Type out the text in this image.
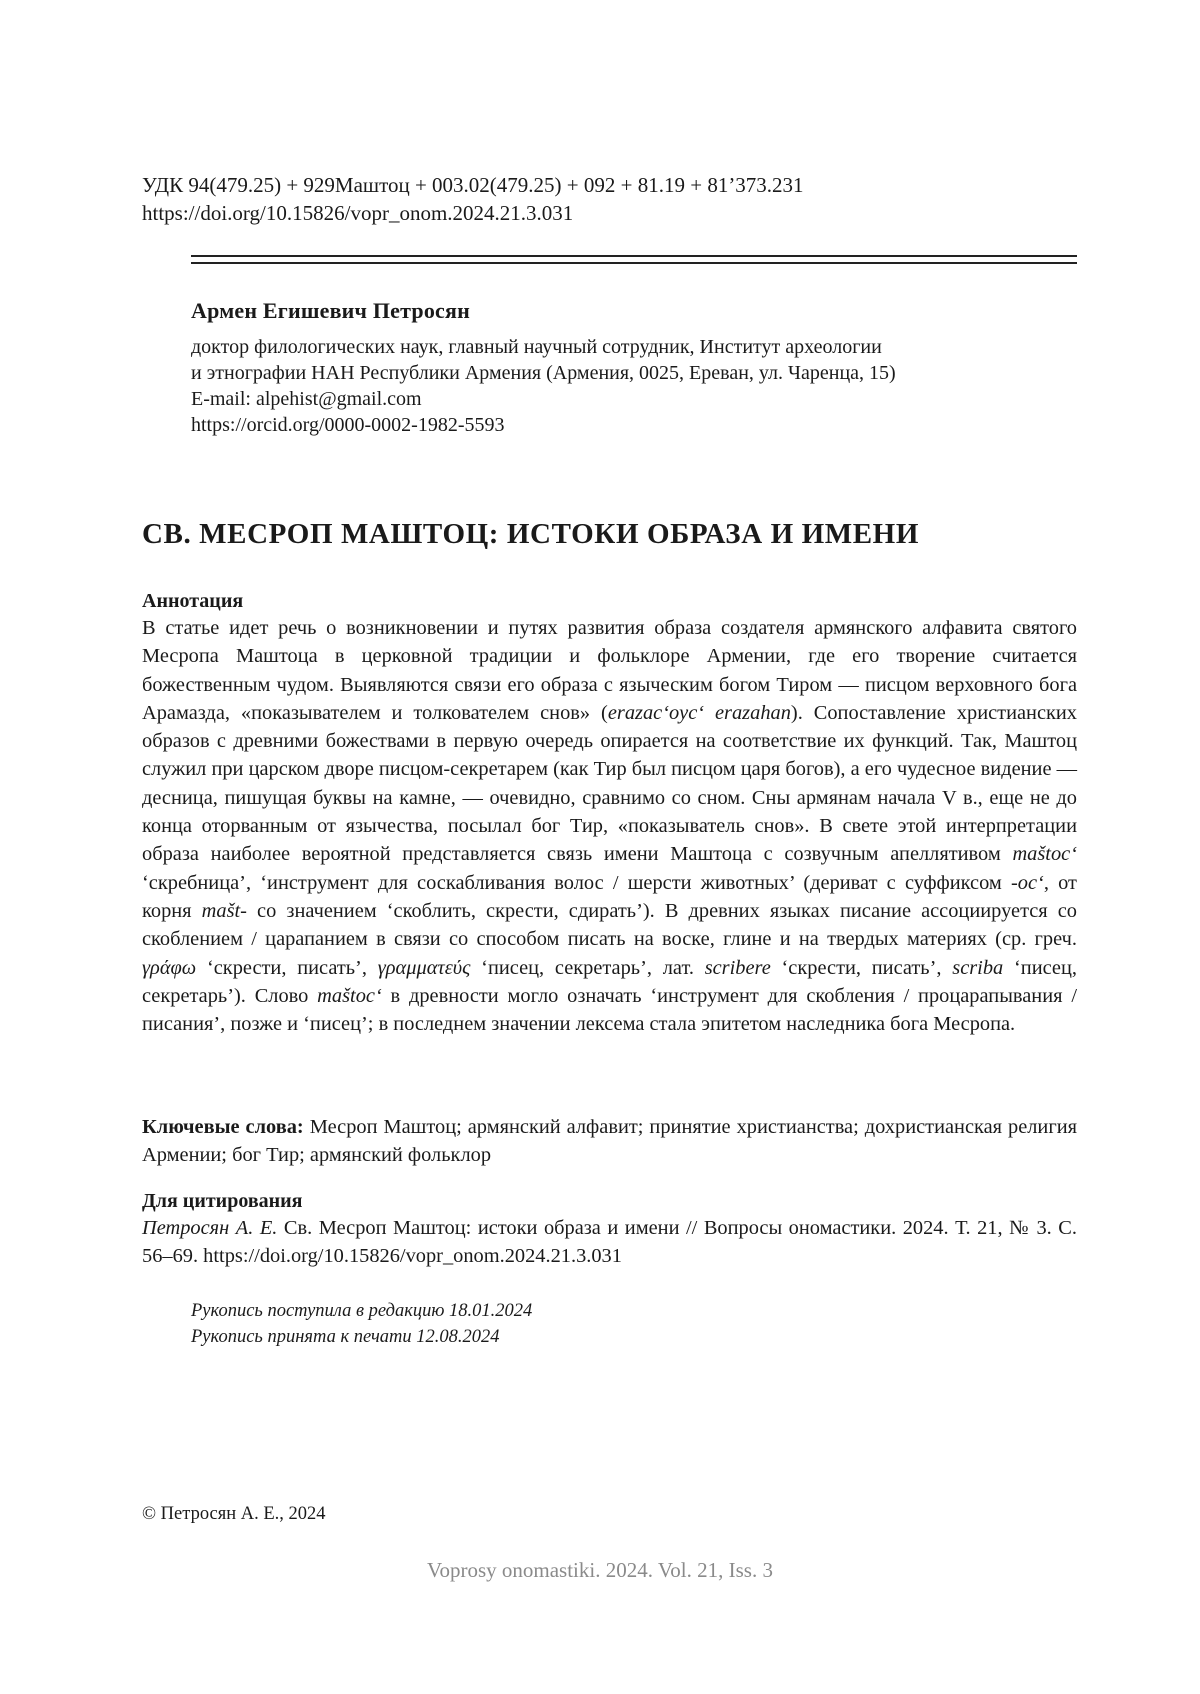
УДК 94(479.25) + 929Маштоц + 003.02(479.25) + 092 + 81.19 + 81’373.231
https://doi.org/10.15826/vopr_onom.2024.21.3.031
Армен Егишевич Петросян
доктор филологических наук, главный научный сотрудник, Институт археологии
и этнографии НАН Республики Армения (Армения, 0025, Ереван, ул. Чаренца, 15)
E-mail: alpehist@gmail.com
https://orcid.org/0000-0002-1982-5593
СВ. МЕСРОП МАШТОЦ: ИСТОКИ ОБРАЗА И ИМЕНИ
Аннотация
В статье идет речь о возникновении и путях развития образа создателя армянского алфавита святого Месропа Маштоца в церковной традиции и фольклоре Армении, где его творение считается божественным чудом. Выявляются связи его образа с языческим богом Тиром — писцом верховного бога Арамазда, «показывателем и толкователем снов» (erazacʻoycʻ erazahan). Сопоставление христианских образов с древними божествами в первую очередь опирается на соответствие их функций. Так, Маштоц служил при царском дворе писцом-секретарем (как Тир был писцом царя богов), а его чудесное видение — десница, пишущая буквы на камне, — очевидно, сравнимо со сном. Сны армянам начала V в., еще не до конца оторванным от язычества, посылал бог Тир, «показыватель снов». В свете этой интерпретации образа наиболее вероятной представляется связь имени Маштоца с созвучным апеллятивом maštocʻ ‘скребница’, ‘инструмент для соскабливания волос / шерсти животных’ (дериват с суффиксом -ocʻ, от корня mašt- со значением ‘скоблить, скрести, сдирать’). В древних языках писание ассоциируется со скоблением / царапанием в связи со способом писать на воске, глине и на твердых материях (ср. греч. γράφω ‘скрести, писать’, γραμματεύς ‘писец, секретарь’, лат. scribere ‘скрести, писать’, scriba ‘писец, секретарь’). Слово maštocʻ в древности могло означать ‘инструмент для скобления / процарапывания / писания’, позже и ‘писец’; в последнем значении лексема стала эпитетом наследника бога Месропа.
Ключевые слова: Месроп Маштоц; армянский алфавит; принятие христианства; дохристианская религия Армении; бог Тир; армянский фольклор
Для цитирования
Петросян А. Е. Св. Месроп Маштоц: истоки образа и имени // Вопросы ономастики. 2024. Т. 21, № 3. С. 56–69. https://doi.org/10.15826/vopr_onom.2024.21.3.031
Рукопись поступила в редакцию 18.01.2024
Рукопись принята к печати 12.08.2024
© Петросян А. Е., 2024
Voprosy onomastiki. 2024. Vol. 21, Iss. 3
